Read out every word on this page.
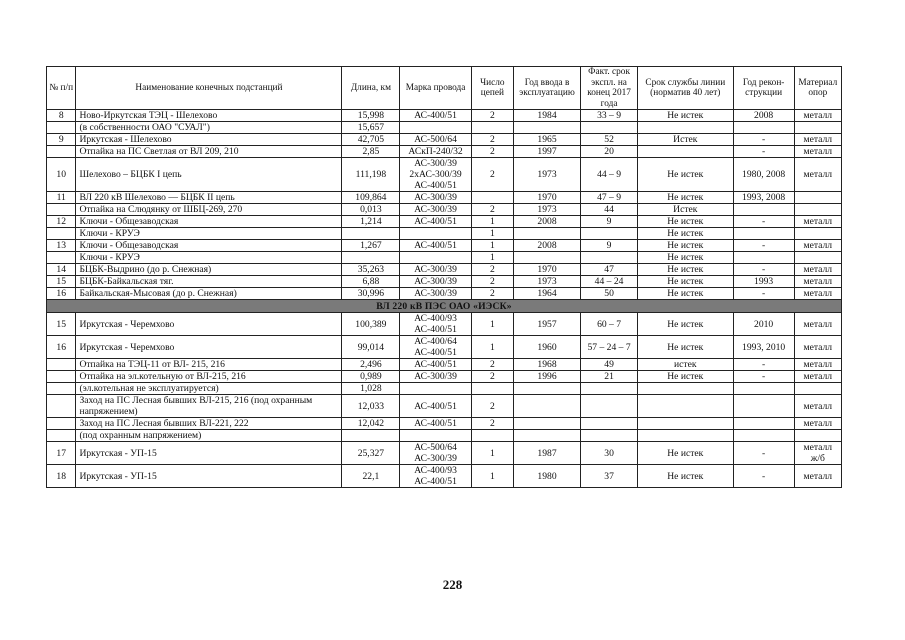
№ п/п	Наименование конечных подстанций	Длина, км	Марка провода	Число цепей	Год ввода в эксплуатацию	Факт. срок экспл. на конец 2017 года	Срок службы линии (норматив 40 лет)	Год рекон-струкции	Материал опор
8	Ново-Иркутская ТЭЦ - Шелехово	15,998	АС-400/51	2	1984	33 – 9	Не истек	2008	металл
	(в собственности ОАО "СУАЛ")	15,657							
9	Иркутская - Шелехово	42,705	АС-500/64	2	1965	52	Истек	-	металл
	Отпайка на ПС Светлая от ВЛ 209, 210	2,85	АСкП-240/32	2	1997	20		-	металл
10	Шелехово – БЦБК I цепь	111,198	АС-300/39
2хАС-300/39
АС-400/51	2	1973	44 – 9	Не истек	1980, 2008	металл
11	ВЛ 220 кВ Шелехово — БЦБК II цепь	109,864	АС-300/39		1970	47 – 9	Не истек	1993, 2008	
	Отпайка на Слюдянку от ШБЦ-269, 270	0,013	АС-300/39	2	1973	44	Истек		
12	Ключи - Общезаводская	1,214	АС-400/51	1	2008	9	Не истек	-	металл
	Ключи - КРУЭ			1			Не истек		
13	Ключи - Общезаводская	1,267	АС-400/51	1	2008	9	Не истек	-	металл
	Ключи - КРУЭ			1			Не истек		
14	БЦБК-Выдрино (до р. Снежная)	35,263	АС-300/39	2	1970	47	Не истек	-	металл
15	БЦБК-Байкальская тяг.	6,88	АС-300/39	2	1973	44 – 24	Не истек	1993	металл
16	Байкальская-Мысовая (до р. Снежная)	30,996	АС-300/39	2	1964	50	Не истек	-	металл
ВЛ 220 кВ ПЭС ОАО «ИЭСК»									
15	Иркутская - Черемхово	100,389	АС-400/93
АС-400/51	1	1957	60 – 7	Не истек	2010	металл
16	Иркутская - Черемхово	99,014	АС-400/64
АС-400/51	1	1960	57 – 24 – 7	Не истек	1993, 2010	металл
	Отпайка на ТЭЦ-11 от ВЛ- 215, 216	2,496	АС-400/51	2	1968	49	истек	-	металл
	Отпайка на эл.котельную от ВЛ-215, 216	0,989	АС-300/39	2	1996	21	Не истек	-	металл
	(эл.котельная не эксплуатируется)	1,028							
	Заход на ПС Лесная бывших ВЛ-215, 216 (под охранным напряжением)	12,033	АС-400/51	2					металл
	Заход на ПС Лесная бывших ВЛ-221, 222	12,042	АС-400/51	2					металл
	(под охранным напряжением)								
17	Иркутская - УП-15	25,327	АС-500/64
АС-300/39	1	1987	30	Не истек	-	металл
ж/б
18	Иркутская - УП-15	22,1	АС-400/93
АС-400/51	1	1980	37	Не истек	-	металл
228
